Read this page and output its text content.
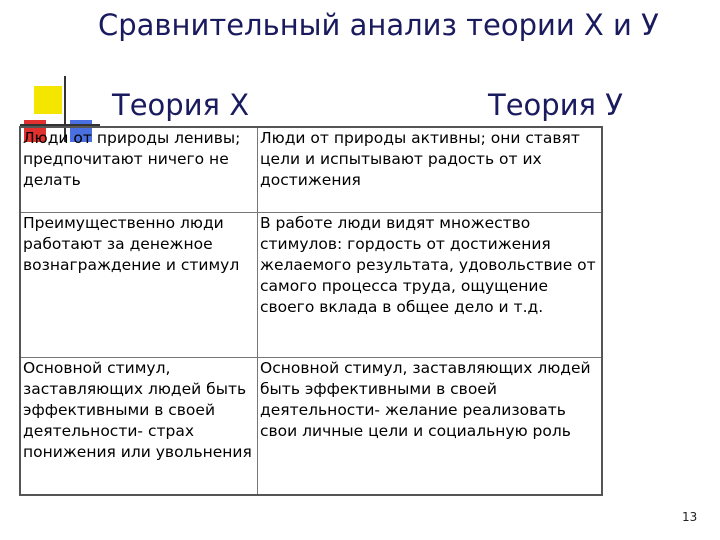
Сравнительный анализ теории Х и У
Теория Х	Теория У
Люди от природы ленивы; предпочитают ничего не делать	Люди от природы активны; они ставят цели и испытывают радость от их достижения
Преимущественно люди работают за денежное вознаграждение и стимул	В работе люди видят множество стимулов: гордость от достижения желаемого результата, удовольствие от самого процесса труда, ощущение своего вклада в общее дело и т.д.
Основной стимул, заставляющих людей быть эффективными в своей деятельности- страх понижения или увольнения	Основной стимул, заставляющих людей быть эффективными в своей деятельности- желание реализовать свои личные цели и социальную роль
13
